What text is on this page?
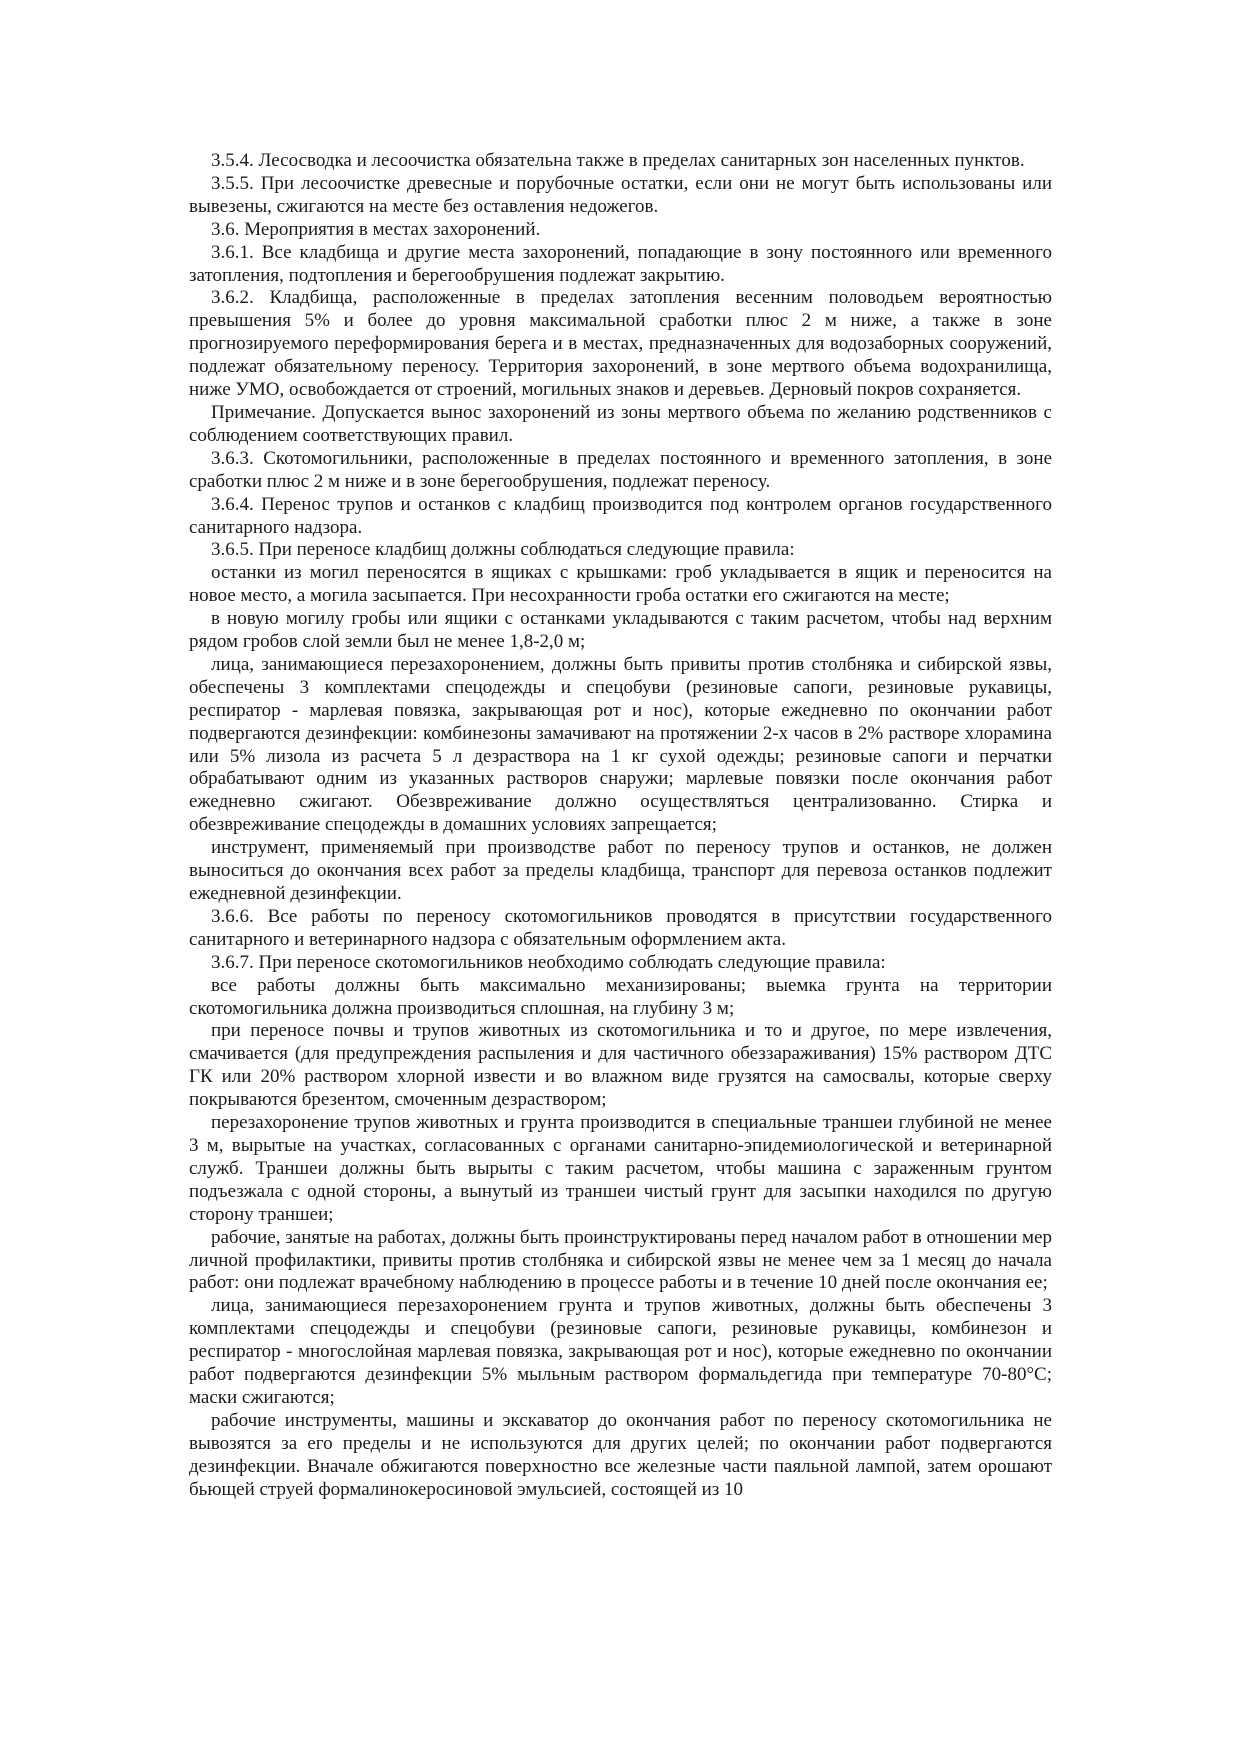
3.5.4. Лесосводка и лесоочистка обязательна также в пределах санитарных зон населенных пунктов.

3.5.5. При лесоочистке древесные и порубочные остатки, если они не могут быть использованы или вывезены, сжигаются на месте без оставления недожегов.

3.6. Мероприятия в местах захоронений.

3.6.1. Все кладбища и другие места захоронений, попадающие в зону постоянного или временного затопления, подтопления и берегообрушения подлежат закрытию.

3.6.2. Кладбища, расположенные в пределах затопления весенним половодьем вероятностью превышения 5% и более до уровня максимальной сработки плюс 2 м ниже, а также в зоне прогнозируемого переформирования берега и в местах, предназначенных для водозаборных сооружений, подлежат обязательному переносу. Территория захоронений, в зоне мертвого объема водохранилища, ниже УМО, освобождается от строений, могильных знаков и деревьев. Дерновый покров сохраняется.

Примечание. Допускается вынос захоронений из зоны мертвого объема по желанию родственников с соблюдением соответствующих правил.

3.6.3. Скотомогильники, расположенные в пределах постоянного и временного затопления, в зоне сработки плюс 2 м ниже и в зоне берегообрушения, подлежат переносу.

3.6.4. Перенос трупов и останков с кладбищ производится под контролем органов государственного санитарного надзора.

3.6.5. При переносе кладбищ должны соблюдаться следующие правила:

останки из могил переносятся в ящиках с крышками: гроб укладывается в ящик и переносится на новое место, а могила засыпается. При несохранности гроба остатки его сжигаются на месте;

в новую могилу гробы или ящики с останками укладываются с таким расчетом, чтобы над верхним рядом гробов слой земли был не менее 1,8-2,0 м;

лица, занимающиеся перезахоронением, должны быть привиты против столбняка и сибирской язвы, обеспечены 3 комплектами спецодежды и спецобуви (резиновые сапоги, резиновые рукавицы, респиратор - марлевая повязка, закрывающая рот и нос), которые ежедневно по окончании работ подвергаются дезинфекции: комбинезоны замачивают на протяжении 2-х часов в 2% растворе хлорамина или 5% лизола из расчета 5 л дезраствора на 1 кг сухой одежды; резиновые сапоги и перчатки обрабатывают одним из указанных растворов снаружи; марлевые повязки после окончания работ ежедневно сжигают. Обезвреживание должно осуществляться централизованно. Стирка и обезвреживание спецодежды в домашних условиях запрещается;

инструмент, применяемый при производстве работ по переносу трупов и останков, не должен выноситься до окончания всех работ за пределы кладбища, транспорт для перевоза останков подлежит ежедневной дезинфекции.

3.6.6. Все работы по переносу скотомогильников проводятся в присутствии государственного санитарного и ветеринарного надзора с обязательным оформлением акта.

3.6.7. При переносе скотомогильников необходимо соблюдать следующие правила:

все работы должны быть максимально механизированы; выемка грунта на территории скотомогильника должна производиться сплошная, на глубину 3 м;

при переносе почвы и трупов животных из скотомогильника и то и другое, по мере извлечения, смачивается (для предупреждения распыления и для частичного обеззараживания) 15% раствором ДТС ГК или 20% раствором хлорной извести и во влажном виде грузятся на самосвалы, которые сверху покрываются брезентом, смоченным дезраствором;

перезахоронение трупов животных и грунта производится в специальные траншеи глубиной не менее 3 м, вырытые на участках, согласованных с органами санитарно-эпидемиологической и ветеринарной служб. Траншеи должны быть вырыты с таким расчетом, чтобы машина с зараженным грунтом подъезжала с одной стороны, а вынутый из траншеи чистый грунт для засыпки находился по другую сторону траншеи;

рабочие, занятые на работах, должны быть проинструктированы перед началом работ в отношении мер личной профилактики, привиты против столбняка и сибирской язвы не менее чем за 1 месяц до начала работ: они подлежат врачебному наблюдению в процессе работы и в течение 10 дней после окончания ее;

лица, занимающиеся перезахоронением грунта и трупов животных, должны быть обеспечены 3 комплектами спецодежды и спецобуви (резиновые сапоги, резиновые рукавицы, комбинезон и респиратор - многослойная марлевая повязка, закрывающая рот и нос), которые ежедневно по окончании работ подвергаются дезинфекции 5% мыльным раствором формальдегида при температуре 70-80°С; маски сжигаются;

рабочие инструменты, машины и экскаватор до окончания работ по переносу скотомогильника не вывозятся за его пределы и не используются для других целей; по окончании работ подвергаются дезинфекции. Вначале обжигаются поверхностно все железные части паяльной лампой, затем орошают бьющей струей формалинокеросиновой эмульсией, состоящей из 10
